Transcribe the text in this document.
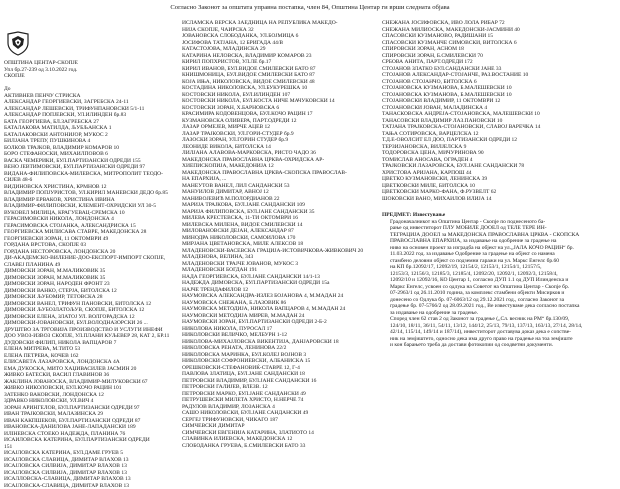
Согласно Законот за општата управна постапка, член 84, Општина Центар ги врши следната објава
ОПШТИНА ЦЕНТАР-СКОПЈЕ
Упл бр.27-239 од 3.10.2022 год.
СКОПЈЕ
До
АКТИВНЕВ ПЕНЧУ СТРИСКА
АЛЕКСАНДАР ГЕОРГИЕВСКИ, ЗАГРЕБСКА 24-11
АЛЕКСАНДАР ЛЕШЕВСКИ, ТРИФУНПАНОВСКИ 5/1-11
АЛЕКСАНДАР ПОПЈЕВСКИ, УЛ.ИЛИНДЕН бр.83
БАТА ГЕОРГИЕВА, БЛ.ЗАГРЕБСКА 27
БАТАЛАКОВА МАТИЛДА, ЉУБЉАНСКА 1
БАТАЛАКОВСКИ АНТОНИЈОР, МУКОС 2
БИЛЈАНА ТРЕПУ, ПУШКИНОВА 4
БОЛКОВ ТРАЈКОВ, ВЛАДИМИР КОМАРОВ 10
БОРО СТЕФАНОСКИ, МИХАИЛПОВОВ 6
ВАСКА ЧЕМЕРИКИ, БУЛ.ПАРТИЗАНСКИ ОДРЕДИ 155
ВЕНО ЈЕВТИМОВСКИ, БУЛ.ПАРТИЗАНСКИ ОДРЕДИ 97
ВИДАНА-ФИЛИПОВСКА-МИЛЕВСКА, МИТРОПОЛИТ ТЕОДО-
СИЈЕВ 48-6
ВИДИНОВСКА ХРИСТИНА, КРМНОВ 12
ВЛАДИМИР ПОПЈУРИСТОВ, УЛ.КИРИЛ МАНЕВСКИ ДЕДО бр.85
ВЛАДИМИР ЕРВАКОВ, ХРИСТИНА ИВИНА
ВЛАДИМИР-ФИЛИПОВСКИ, КЛЕМЕНТ-ОХРИДСКИ УЛ 30-5
ВУКОВЕЛ МИЛИЦА, КРАГУЕВАЦ-СРЕМСКА 10
ГЕРАСИМОВСКИ НИКОЛА, ЛОНДОНСКА 4
ГЕРАСИМОВСКА СТОЈАНКА, АЛЕКСАНДРИСКА 15
ГЕОРГИЕВСКА МИЛИСАВА СТАВРЕ, МАКЕДОНСКА 28
ГЕОРГИЕВСКИ ЗОРАН, 11 ОКТОМВРИ 49
ГОРДАНА ВРСТОВА, СКОПЈЕ 03
ГОРДАНА НЕСТОРОВСКА, ЛОНДОНСКА 20
ДИ-АКАДЕМСКО-ВИЛЕНИЕ-ДОО-ЕКСПОРТ-ИМПОРТ СКОПЈЕ,
СЛАВЕЈ ПЛАНИНА 49
ДИМОВСКИ ЗОРАН, М.МАЛИКОВИК 35
ДИМОВСКИ ЗОРАН, М.МАЛИКОВИК 35
ДИМОВСКИ ЗОРАН, НАРОДЕН ФРОНТ 23
ДИМОВСКИ ВАНКО, СТЕРЈА, БИТОЛСКА 12
ДИМОВСКИ ЉУБОМИР, ТЕТОВСКА 28
ДИМОВСКИ ВАНЕЛ, ТРИФУН ПАНОВСКИ, БИТОЛСКА 12
ДИМОВСКИ ЉУБОЗЛАТОЉУВ, СКОПЈЕ, БИТОЛСКА 12
ДИМОВСКИ ЕЛЕНА, ЗЛАТОЈ УЛ. ВОЛГОРАДСКА 12
ДИМОВСКИ-ЈОВАНОВСКИ, БУЛ.ВОЛОДНАЗОРСКИ 26 ...
ДРУШТВО ЗА ТРГОВИЈА ПРОИЗВОДСТВО И УСЛУГИ ИНЕФИ
ДОО УВОЗ-ИЗВОЗ СКОПЈЕ, УЛ.ПЛАНИ КУЉЕВЕР 28, КАТ 2, БР.11
ДУДОВСКИ ФИЛИП, НИКОЛА ВАПЦАРОВ 7
ЕЛЕНА МИТРЕВА, М.ТИТО 53
ЕЛЕНА ПЕТРЕВА, КОЧЕВ 162
ЕЛИСАВЕТА ЛАЗАРОВСКА, ЛОНДОНСКА 4А
ЕМА ДУКОСКА, МИТО ХАЏИВАСИЛЕВ ЈАСМИН 20
ЖИВКО БАТЕСКИ, ВАСИЛ ГЛАВИНОВ 36
ЖАКЛИНА ЈОВАНОСКА, ВЛАДИМИР-МИЛУКОВСКИ 67
ЖИВКО НИКОЛОВСКИ, БУЛ.КОЧО РАЦИН 101
ЗАТЕНКО ВАКОВСКИ, ЛОНДОНСКА 12
ЗДРАВКО НИКОЛОВСКИ, УЛ.ВИЧ 4
ЗОРАН АРИНГЕЛОВ, БУЛ.ПАРТИЗАНСКИ ОДРЕДИ 97
ИВАН ТРАЈКОВСКИ, МАЛАЗИНСКА 29
ИВАН КАКПШЕКОВ, БУЛ.ПАРТИЗАНСКИ ОДРЕДИ 87
ИВАНОВСКА-ДАНИЛОВА ЈАНЕ-ЛАПАДАНСКИ 189
ИЛІНЕВСКА СТОЕКО НАДЕЖДА, ПЛАНИНА 76
ИСАИЛОВСКА КАТЕРИНА, БУЛ.ПАРТИЗАНСКИ ОДРЕДИ
151
ИСАЈЛОВСКА КАТЕРИНА, БУЛ.ДАМЕ ГРУЕВ 5
ИСАЈЛОВСКА СЛАВИЦА, ДИМИТАР ВЛАХОВ 13
ИСАЈЛОВСКА СИЛВИЈА, ДИМИТАР ВЛАХОВ 13
ИСАЈЛОВСКА СИЛВИЈА, ДИМИТАР ВЛАХОВ 13
ИСАЛЛОВСКА-СЛАВИЦА, ДИМИТАР ВЛАХОВ 13
ИСАЈЛОВСКА-СЛАВИЦА, ДИМИТАР ВЛАХОВ 13
ИСЛАМСКА ВЕРСКА ЗАЕДНИЦА НА РЕПУБЛИКА МАКЕДО-
НИЈА СКОПЈЕ, ЧАИРСКА 32
ЈОВАНОВСКА СЛОБОДАНКА, УЛ.БОЈМИЦА 6
ЈОСИФОВА ТАТЈАНА, 12 БРИГАДА 44/В
КАТАСТОЈОВА, МЛАДИНСКА 29
КАТАРИНА НЕЛОВСКА, ВЛАДИМИР КОМАРОВ 23
КИРИЛ ПОПХРИСТОВ, УЛ.ЛЕ бр.17
КИРИЛ ИВАНОВ, БУЛ.ВИДОЕ СМИЛЕВСКИ БАТО 87
КНИШМОНИЦА, БУЛ.ВИДОЕ СМИЛЕВСКИ БАТО 87
КОЈА ИЊА, НИКОЛОВСКА, ВИДОЕ СМИЛЕВСКИ 48
КОСТАДИНА НИКОЛОВСКА, УЛ.БУКУРЕШКА 10
КОСТОВСКИ НИКОЛА, БУЛ.ИЛИНДЕН 107
КОСТОВСКИ НИКОЛА, БУЛ.КОСТА НИЧЕ МАЧУКОВСКИ 14
КОСТОВСКИ ЗОРАН, Х.БАРНОВСКА 6
КРАСИМИРА КОДОВЕНЦОВА, БУЛ.КОЧО РАЦИН 17
КУЗМАНОВСКА ОЛИВЕРА, ПАРТ.ОДРЕДИ 12
ЛАЗАР ОРМЕЈЕВ, МИРЧЕ АЦЕВ 12
ЛАЗАР ТРАЈКОВСКИ, УЛ.ГОРИ-СТУДЕР бр.9
ЛАЗОСКИ ЗОРАН, УЛ.ГОРИН СТУДЕР бр.9
ЛЕОНИДЕ ВИКОЛА, БИТОЛСКА 14
ЛИЛЈАНА АЛАВОВА-МАРКОВСКА, РИСТО ЧАДО 36
МАКЕДОНСКА ПРАВОСЛАВНА ЦРКВА-ОХРИДСКА АР-
ХИЕПИСКОПИЈА, МАКЕДОНИЈА 12
МАКЕДОНСКА ПРАВОСЛАВНА ЦРКВА-СКОПСКА ПРАВОСЛАВ-
НА ЕПАРХИЈА, ...
МАНЕУТОВ ВАНЕЛ, ЛИЛ САНДАНСКИ 53
МАНУИЛОВ ДИМИТАР, АВНОЈ 12
МАНИВОЈЕВИЋ М.ПОЛОРДИАНОВ 22
МАРИЈА ТРАЈКОВА, БУЛ.ЈАНЕ САНДАНСКИ 109
МАРИЈА ФИЛИПОВСКА, БУЛ.ЈАНЕ САНДАНСКИ 35
МИЛЕВА КРЕСТЕВСКА, 11-ТИ ОКТОМВРИ 16
МИЛЕВСКА МИЛЕНА, ВИДОЕ СМИЛЕВСКИ 14
МИЛОВАНОВСКИ ДЕЈАН, АЛЕКСАНДАР 87
МИНОДРА НИКОЛОВСКИ, САМОИЛОВА 170
МИРЈАНА ЦВЕТАНОВСКА, МИЛЕ АЛЕКСОВ 18
МЛАДЕНОВСКИ-ВАСЕВСКА ГРАЦИЈА-ИСТОВИЧКОВА-ЖИВКОВИЧ 20
МЛАДЕНОВА, ВЕЛИНА, 343
МЛАДЕНОВСКИ ТРАЈЧЕ ЈОВАНОВ, МУКОС 3
МЛАДЕНОВСКИ БОГДАН 191
НАДА ГЕОРГИЕВСКА, БУЛ.ЈАНЕ САНДАНСКИ 14/1-13
НАДЕЖДА ДИМОВСКА, БУЛ.ПАРТИЗАНСКИ ОДРЕДИ 15а
НАЈЧЕ ТРЕНДАФИЛОВ 12
НАУМОВСКА АЛЕКСАНДРА-ИЗЛЕЗ БОЈАНОВА 4, М.МАДАН 24
НАУМОВСКА СНЕЖАНА, Б.ЛАЗОВИК 86
НАУМОВСКА МЕТОДИЈА, НИКОЛА ВАПЦАРОВ 4, М.МАДАН 24
НАУМОВСКИ МЕТОДИЈА МИРЕВ, М.МАДАН 24
НАУМОВСКИ ЗОРАН, БУЛ.ПАРТИЗАНСКИ ОДРЕДИ 2-Б-2
НИКОЛОВА НИКОЛА, ПУРОСАЛ 17
НИКОЛОВСКИ ВЕЛИЧКО, МЕЛБУРН 1-12
НИКОЛОВА-МИХАЈЛОВСКА ВИКЕНТИЈА, ДАНЈАРОВСКИ 18
НИКОЛОВСКА РЕНАТА, ЛЕНИНОВА 22/2
НИКОЛОВСКА МАРИНКА, БУЛ.КОЛЕЈ ВОЈНОВ 3
НИКОЛОВСКИ СОФРОНИЕВСКИ, АЛБАНИСКА 15
ОРЕШКОВСКИ-СТЕФАНОВИЌ-СТАВРЕ 12, Г-4
ПАВЛОВА ЗЛАТИЦА, БУЛ.ЈАНЕ САНДАНСКИ 18
ПЕТРОВСКИ ВЛАДИМИР, БУЛ.ЈАНЕ САНДАНСКИ 16
ПЕТРОВСКИ ГАЛИЈЕВ, ВЛЕЗВ. 12
ПЕТРОВСКИ МАРКО, БУЛ.ЈАНЕ САНДАНСКИ 49
ПЕТРУШЕВСКИ МИЛЕТА ХРИСТО, Н.НЕРЧЕ 74
РАДУЛОВ ВЛАДИМИР, ЛОЗАНСКА 4
САШО НИКОЛОВСКИ, БУЛ.ЈАНЕ САНДАНСКИ 49
СЕРГЕЈ ТРИФУНОВСКИ, ЧИКАГО 187
СИМЧЕВСКИ ДИМИТАР
СИМЧЕВСКИ ЕВГЕНИЈА КАТАРИНА, ЗЛАТИОТО 14
СЛАВИНКА ИЛИЕВСКА, МАКЕДОНСКА 12
СЛОБОДАНКА ГРУЕВА, Б.СМИЛЕВСКИ БАТО 33
СНЕЖАНА ЈОСИФОВСКА, ИВО ЛОЛА РИБАР 72
СНЕЖАНА МИЛИОСКА, МАКЕДОНСКИ-ЈАСМИНИ 40
СПАСОВСКИ КУЗМАНОВО, РАДИШАНИ 15
СПАСОВСКИ КУЗМАНЧЕ СИМОВСКИ, ВИТОЛСКА 6
СПИРОВСКИ ЗОРАН, АСНОМ 18
СПИРОВСКИ ЗОРАН, Б.СМИЛЕВСКИ 70
СРБОВА АНИТА, ПАРТ.ОДРЕДИ 172
СТОЈАНОВ ЗЛАТКО БУЛ.САНДАНСКИ ЈАНЕ 33
СТОЈАНОВ АЛЕКСАНДАР-СТОЈАНЧЕ, РАЗ.ВОСТАНИЕ 10
СТОЈАНОВ СТОЈАНЧО, БИТОЛСКА 6
СТОЈАНОВСКА КУЗМАНОВА, Б.МАЛЕШЕВСКИ 10
СТОЈАНОВСКА КУЗМАНОВА, Б.МАЛЕШЕВСКИ 10
СТОЈАНОВСКИ ВЛАДИМИР, 11 ОКТОМВРИ 12
СТОЈАНОВСКИ ЈОВАН, МАЛАДИНСКА 4
ТАНАСКОВСКА АНДРЕЈА-СТОЈАНОВСКА, МАЛЕШЕВСКИ 10
ТАНАСОВСКИ ВЛАДИМИР ЛАЗ.ПАНОВСКИ 10
ТАТЈАНА ТРАЈКОВСКА-СТОЈАНОВСКИ, СЛАВОЈ ВАРЕЧКА 14
ТАЊА СОТИРОВСКА, ВАРЦЕЛСКА 12
Т.Д.Е-ОВОЛСИТ ЕЛ ДОО, ПАРТИЗАНСКИ ОДРЕДИ 12
ТЕРЗИЈАНОВСКА, ВИЛЈЕЛСКА 9
ТОДОРОВСКА ЦЕНА, МИЧУРИНОВА 90
ТОМИСЛАВ АНОСАВА, ОГРАДЕН 4
ТРАЈКОВСКИ ЛАЗАРОВСКА, БУЛ.ЈАНЕ САНДАНСКИ 78
ХРИСТОВА АРИЈАНА, КАРПОШ 44
ЦВЕТКО КУЗМАНОВСКИ, ЛЕНИНСКА 39
ЦВЕТКОВСКИ МИЛЕ, БИТОЛСКА 10
ЦВЕТКОВСКИ МАРКО-ФАНА, Ф.РУЗВЕЛТ 62
ШОКОВСКИ ВАНО, МИХАИЛОВ ИЛИЈА 14
ПРЕДМЕТ: Известување
Градоначалникот на Општина Центар - Скопје по поднесеното ба-
рање од инвеститорот ПЛУ МОБИЛЕ ДООЕЛ од ТЕЛЕ ТЕРЕ ИН-
ТЕГРАЦИЈА ДООЕЛ за МАКЕДОНСКА ПРАВОСЛАВНА ЦРКВА - СКОПСКА
ПРАВОСЛАВНА ЕПАРХИЈА, за издавање на одобрение за градење на
ниво на основен проект за изградба на објект на ул.„ЈАЛА КОЧО РАЦИН“ бр.
11.03.2022 год. за издавање Одобрение за градење на објект со намена
стамбено деловни објект со подземни гаражи на ул. Маркс Енгелс бр.60
на КП бр.12092/17, 12092/19, 12154/2, 12153/1, 12154/1, 12157/5,
12153/3, 12156/3, 12185/3, 12185/4, 12092/20, 12092/1, 12092/3, 12158/4,
12092/10 и 12092/16, КО Центар 1, согласно ДУП 1.1 од ДУП Илинденска и
Маркс Енгелс, усвоен со одлука на Советот на Општина Центар - Скопје бр.
07-2963/1 од 26.11.2010 година, за комплекс стамбени објекти Мисирков и
донесено со Одлука бр. 07-6063/12 од 29.12.2021 год., согласно Законот за
градење бр. 07-5766/2 од 28.09.2021 год., Ве известуваме дека согласно постапка
за издавање на одобрение за градење.
Според член 62 став 2 од Законот за градење („Сл. весник на РМ“ бр.130/09,
124/10, 18/11, 36/11, 54/11, 13/12, 144/12, 25/13, 79/13, 137/13, 163/13, 27/14, 28/14,
42/14, 115/14, 149/14 и 187/14), инвеститорот доставува доказ дека е сопстве-
ник на земјиштето, односно дека има друго право на градење на тоа земјиште
и кон барањето треба да достави фотокопии од соодветни документи.
